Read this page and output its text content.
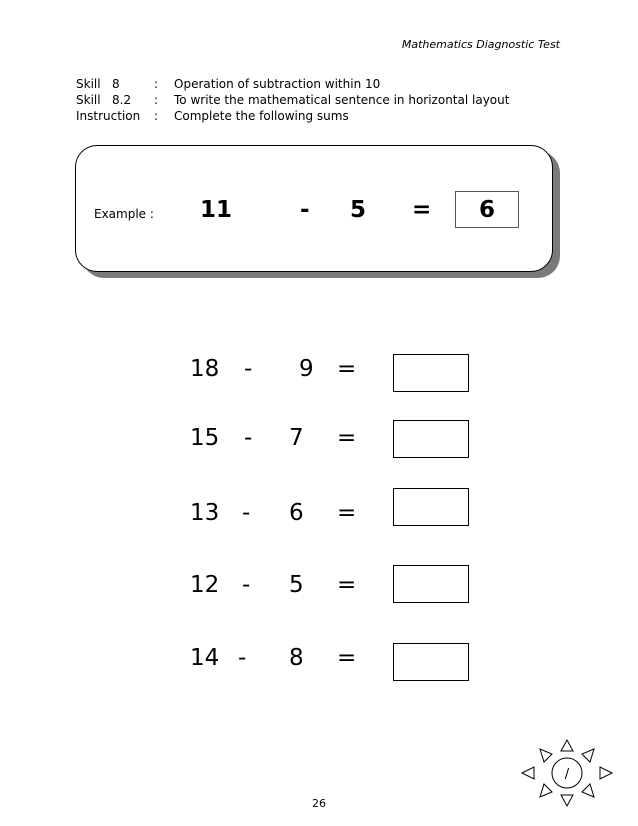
Mathematics Diagnostic Test
Skill 8	: Operation of subtraction within 10
Skill 8.2 : To write the mathematical sentence in horizontal layout
Instruction : Complete the following sums
Example : 11	- 5 =	6
18 - 9 =
15 - 7 =
13 - 6 =
12 - 5 =
14 - 8 =
/
26
